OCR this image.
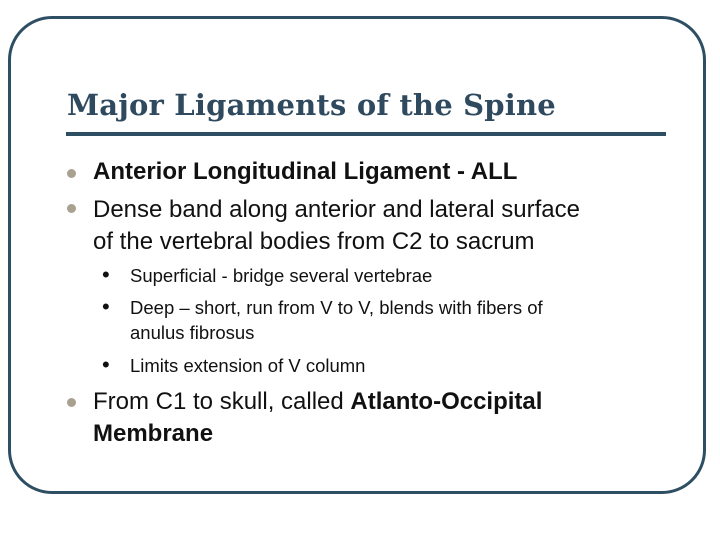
Major Ligaments of the Spine
Anterior Longitudinal Ligament - ALL
Dense band along anterior and lateral surface
of the vertebral bodies from C2 to sacrum
• Superficial - bridge several vertebrae
• Deep – short, run from V to V, blends with fibers of
anulus fibrosus
• Limits extension of V column
From C1 to skull, called Atlanto-Occipital
Membrane
